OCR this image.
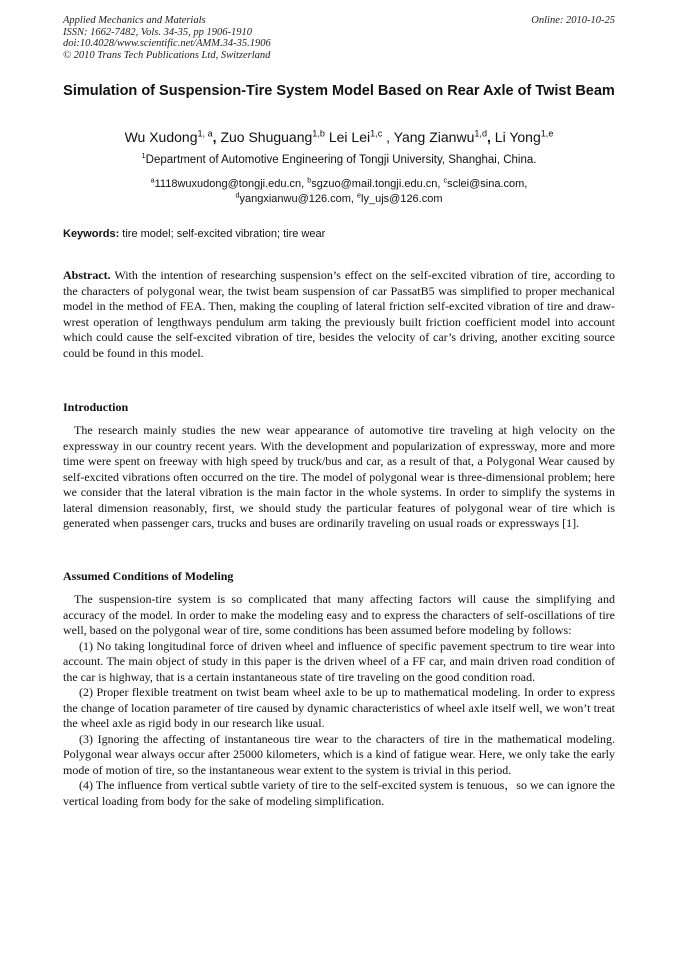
Applied Mechanics and Materials
ISSN: 1662-7482, Vols. 34-35, pp 1906-1910
doi:10.4028/www.scientific.net/AMM.34-35.1906
© 2010 Trans Tech Publications Ltd, Switzerland
Online: 2010-10-25
Simulation of Suspension-Tire System Model Based on Rear Axle of Twist Beam
Wu Xudong$^{1, a}$, Zuo Shuguang$^{1,b}$ Lei Lei$^{1,c}$ , Yang Zianwu$^{1,d}$, Li Yong$^{1,e}$
$^1$Department of Automotive Engineering of Tongji University, Shanghai, China.
$^a$1118wuxudong@tongji.edu.cn, $^b$sgzuo@mail.tongji.edu.cn, $^c$sclei@sina.com,
$^d$yangxianwu@126.com, $^e$ly_ujs@126.com
Keywords: tire model; self-excited vibration; tire wear

Abstract. With the intention of researching suspension’s effect on the self-excited vibration of tire, according to the characters of polygonal wear, the twist beam suspension of car PassatB5 was simplified to proper mechanical model in the method of FEA. Then, making the coupling of lateral friction self-excited vibration of tire and draw-wrest operation of lengthways pendulum arm taking the previously built friction coefficient model into account which could cause the self-excited vibration of tire, besides the velocity of car’s driving, another exciting source could be found in this model.

Introduction

The research mainly studies the new wear appearance of automotive tire traveling at high velocity on the expressway in our country recent years. With the development and popularization of expressway, more and more time were spent on freeway with high speed by truck/bus and car, as a result of that, a Polygonal Wear caused by self-excited vibrations often occurred on the tire. The model of polygonal wear is three-dimensional problem; here we consider that the lateral vibration is the main factor in the whole systems. In order to simplify the systems in lateral dimension reasonably, first, we should study the particular features of polygonal wear of tire which is generated when passenger cars, trucks and buses are ordinarily traveling on usual roads or expressways [1].

Assumed Conditions of Modeling

The suspension-tire system is so complicated that many affecting factors will cause the simplifying and accuracy of the model. In order to make the modeling easy and to express the characters of self-oscillations of tire well, based on the polygonal wear of tire, some conditions has been assumed before modeling by follows:

(1) No taking longitudinal force of driven wheel and influence of specific pavement spectrum to tire wear into account. The main object of study in this paper is the driven wheel of a FF car, and main driven road condition of the car is highway, that is a certain instantaneous state of tire traveling on the good condition road.

(2) Proper flexible treatment on twist beam wheel axle to be up to mathematical modeling. In order to express the change of location parameter of tire caused by dynamic characteristics of wheel axle itself well, we won’t treat the wheel axle as rigid body in our research like usual.

(3) Ignoring the affecting of instantaneous tire wear to the characters of tire in the mathematical modeling. Polygonal wear always occur after 25000 kilometers, which is a kind of fatigue wear. Here, we only take the early mode of motion of tire, so the instantaneous wear extent to the system is trivial in this period.

(4) The influence from vertical subtle variety of tire to the self-excited system is tenuous，so we can ignore the vertical loading from body for the sake of modeling simplification.
